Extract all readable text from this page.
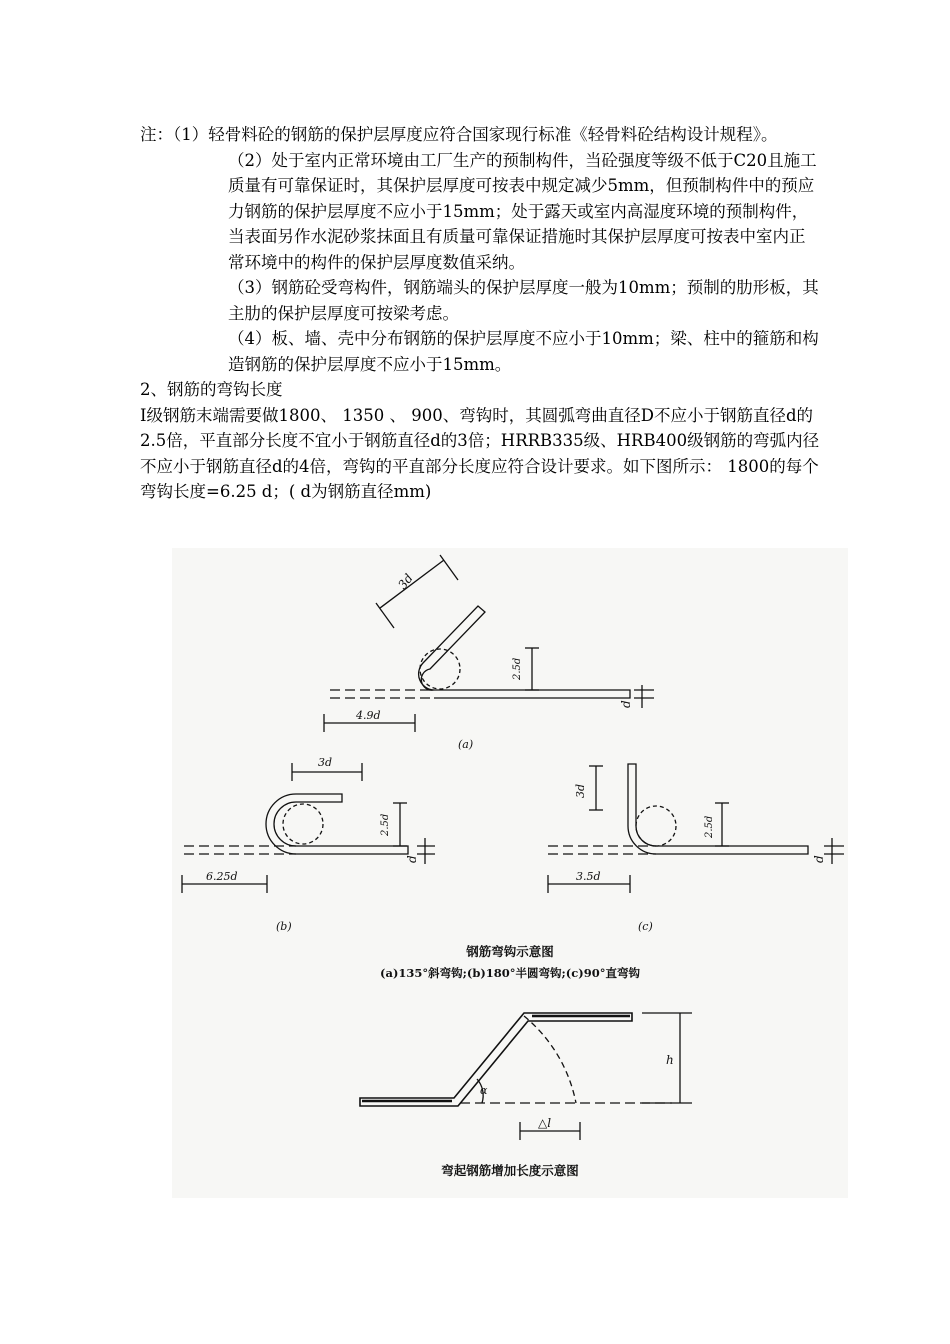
注：（1）轻骨料砼的钢筋的保护层厚度应符合国家现行标准《轻骨料砼结构设计规程》。

（2）处于室内正常环境由工厂生产的预制构件，当砼强度等级不低于C20且施工质量有可靠保证时，其保护层厚度可按表中规定减少5mm，但预制构件中的预应力钢筋的保护层厚度不应小于15mm；处于露天或室内高湿度环境的预制构件，当表面另作水泥砂浆抹面且有质量可靠保证措施时其保护层厚度可按表中室内正常环境中的构件的保护层厚度数值采纳。

（3）钢筋砼受弯构件，钢筋端头的保护层厚度一般为10mm；预制的肋形板，其主肋的保护层厚度可按梁考虑。

（4）板、墙、壳中分布钢筋的保护层厚度不应小于10mm；梁、柱中的箍筋和构造钢筋的保护层厚度不应小于15mm。

2、钢筋的弯钩长度

Ⅰ级钢筋末端需要做1800、 1350 、 900、弯钩时，其圆弧弯曲直径D不应小于钢筋直径d的2.5倍，平直部分长度不宜小于钢筋直径d的3倍；HRRB335级、HRB400级钢筋的弯弧内径不应小于钢筋直径d的4倍，弯钩的平直部分长度应符合设计要求。如下图所示： 1800的每个弯钩长度=6.25 d；( d为钢筋直径mm)

3d
2.5d
d
4.9d
(a)
3d
2.5d
d
6.25d
(b)
3d
2.5d
d
3.5d
(c)
钢筋弯钩示意图
(a)135°斜弯钩;(b)180°半圆弯钩;(c)90°直弯钩
h
α
△l
弯起钢筋增加长度示意图
